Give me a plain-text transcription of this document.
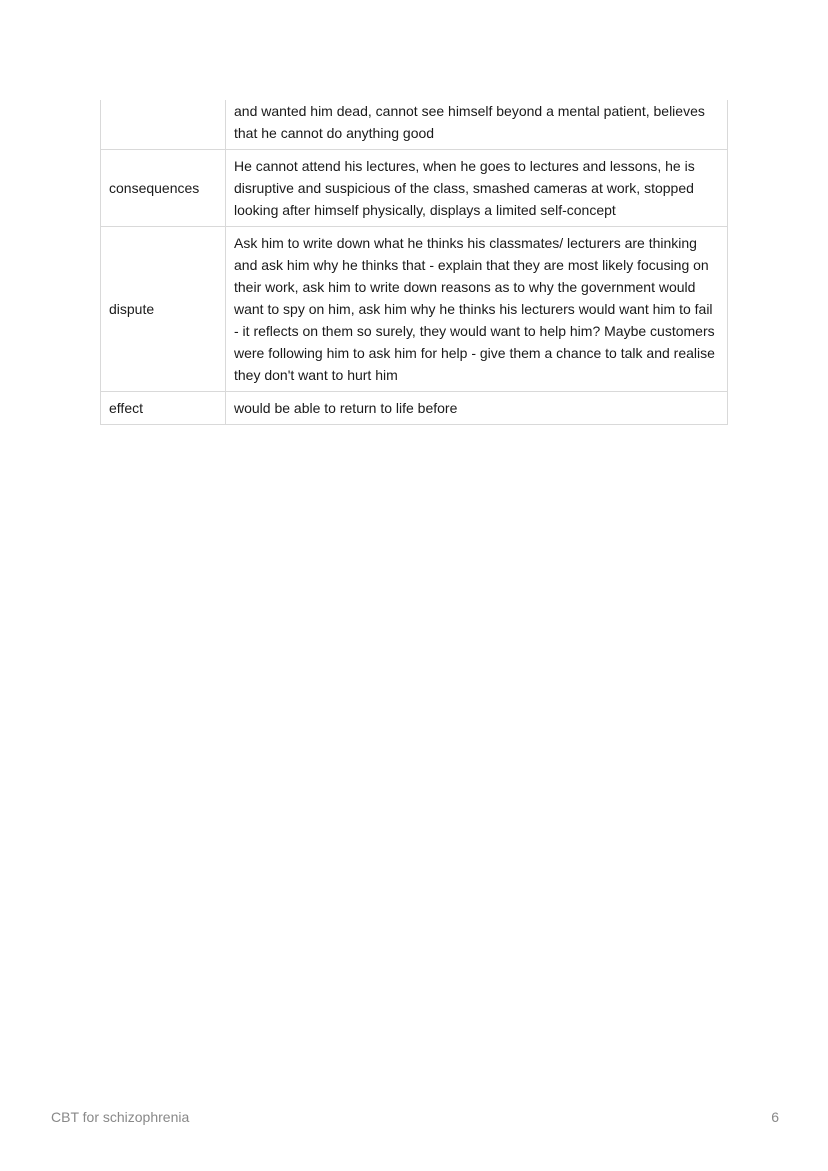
	and wanted him dead, cannot see himself beyond a mental patient, believes that he cannot do anything good
consequences	He cannot attend his lectures, when he goes to lectures and lessons, he is disruptive and suspicious of the class, smashed cameras at work, stopped looking after himself physically, displays a limited self-concept
dispute	Ask him to write down what he thinks his classmates/ lecturers are thinking and ask him why he thinks that - explain that they are most likely focusing on their work, ask him to write down reasons as to why the government would want to spy on him, ask him why he thinks his lecturers would want him to fail - it reflects on them so surely, they would want to help him? Maybe customers were following him to ask him for help - give them a chance to talk and realise they don't want to hurt him
effect	would be able to return to life before
CBT for schizophrenia	6
